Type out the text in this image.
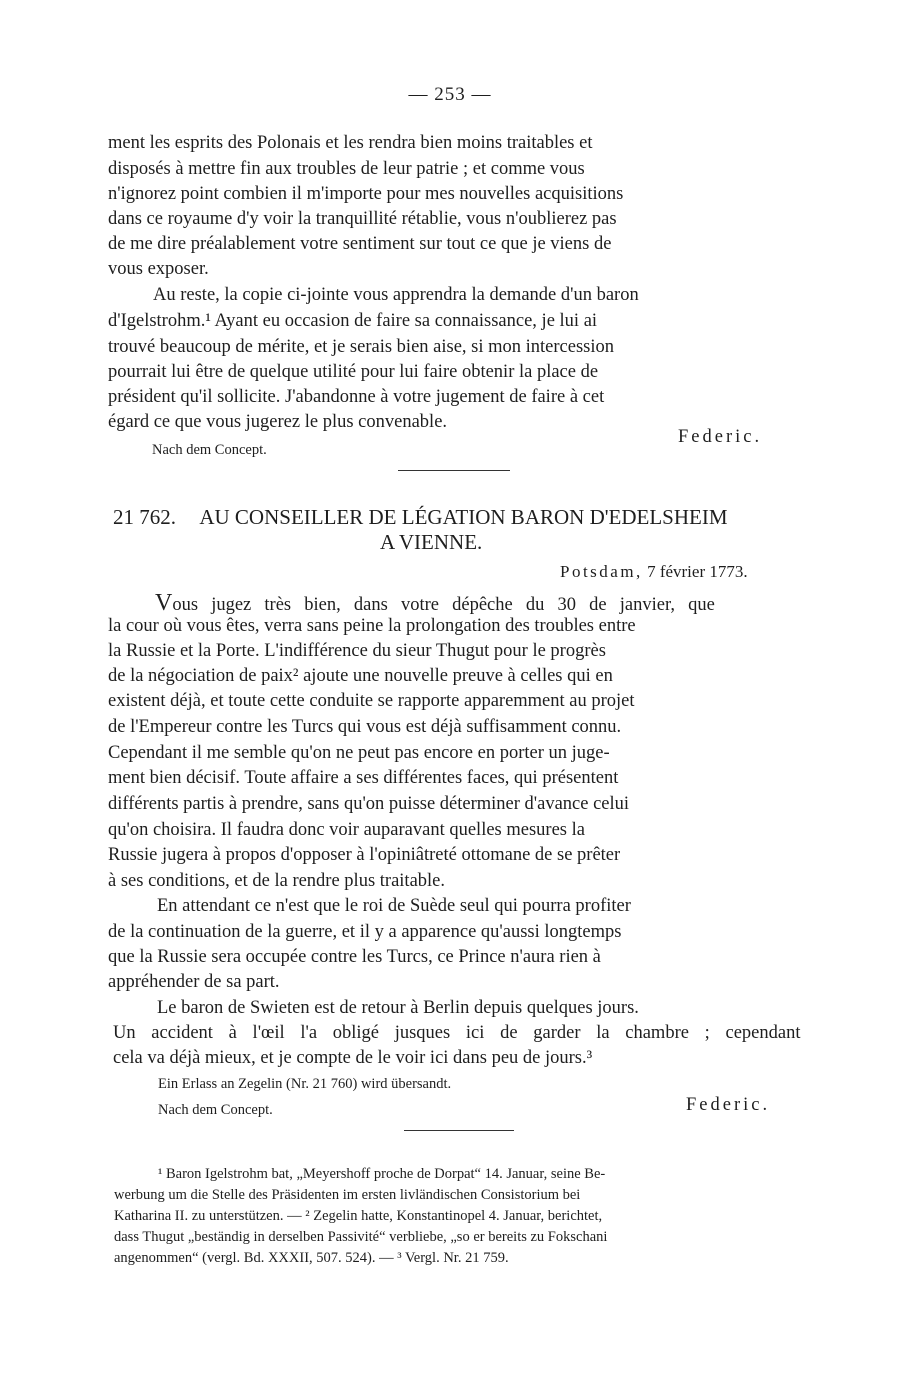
— 253 —
ment les esprits des Polonais et les rendra bien moins traitables et
disposés à mettre fin aux troubles de leur patrie ; et comme vous
n'ignorez point combien il m'importe pour mes nouvelles acquisitions
dans ce royaume d'y voir la tranquillité rétablie, vous n'oublierez pas
de me dire préalablement votre sentiment sur tout ce que je viens de
vous exposer.
Au reste, la copie ci-jointe vous apprendra la demande d'un baron
d'Igelstrohm.¹ Ayant eu occasion de faire sa connaissance, je lui ai
trouvé beaucoup de mérite, et je serais bien aise, si mon intercession
pourrait lui être de quelque utilité pour lui faire obtenir la place de
président qu'il sollicite. J'abandonne à votre jugement de faire à cet
égard ce que vous jugerez le plus convenable.
Federic.
Nach dem Concept.
21 762. AU CONSEILLER DE LÉGATION BARON D'EDELSHEIM
A VIENNE.
Potsdam, 7 février 1773.
Vous jugez très bien, dans votre dépêche du 30 de janvier, que
la cour où vous êtes, verra sans peine la prolongation des troubles entre
la Russie et la Porte. L'indifférence du sieur Thugut pour le progrès
de la négociation de paix² ajoute une nouvelle preuve à celles qui en
existent déjà, et toute cette conduite se rapporte apparemment au projet
de l'Empereur contre les Turcs qui vous est déjà suffisamment connu.
Cependant il me semble qu'on ne peut pas encore en porter un juge-
ment bien décisif. Toute affaire a ses différentes faces, qui présentent
différents partis à prendre, sans qu'on puisse déterminer d'avance celui
qu'on choisira. Il faudra donc voir auparavant quelles mesures la
Russie jugera à propos d'opposer à l'opiniâtreté ottomane de se prêter
à ses conditions, et de la rendre plus traitable.
En attendant ce n'est que le roi de Suède seul qui pourra profiter
de la continuation de la guerre, et il y a apparence qu'aussi longtemps
que la Russie sera occupée contre les Turcs, ce Prince n'aura rien à
appréhender de sa part.
Le baron de Swieten est de retour à Berlin depuis quelques jours.
Un accident à l'œil l'a obligé jusques ici de garder la chambre ; cependant
cela va déjà mieux, et je compte de le voir ici dans peu de jours.³
Ein Erlass an Zegelin (Nr. 21 760) wird übersandt.
Nach dem Concept.	Federic.
¹ Baron Igelstrohm bat, „Meyershoff proche de Dorpat“ 14. Januar, seine Be-
werbung um die Stelle des Präsidenten im ersten livländischen Consistorium bei
Katharina II. zu unterstützen. — ² Zegelin hatte, Konstantinopel 4. Januar, berichtet,
dass Thugut „beständig in derselben Passivité“ verbliebe, „so er bereits zu Fokschani
angenommen“ (vergl. Bd. XXXII, 507. 524). — ³ Vergl. Nr. 21 759.
